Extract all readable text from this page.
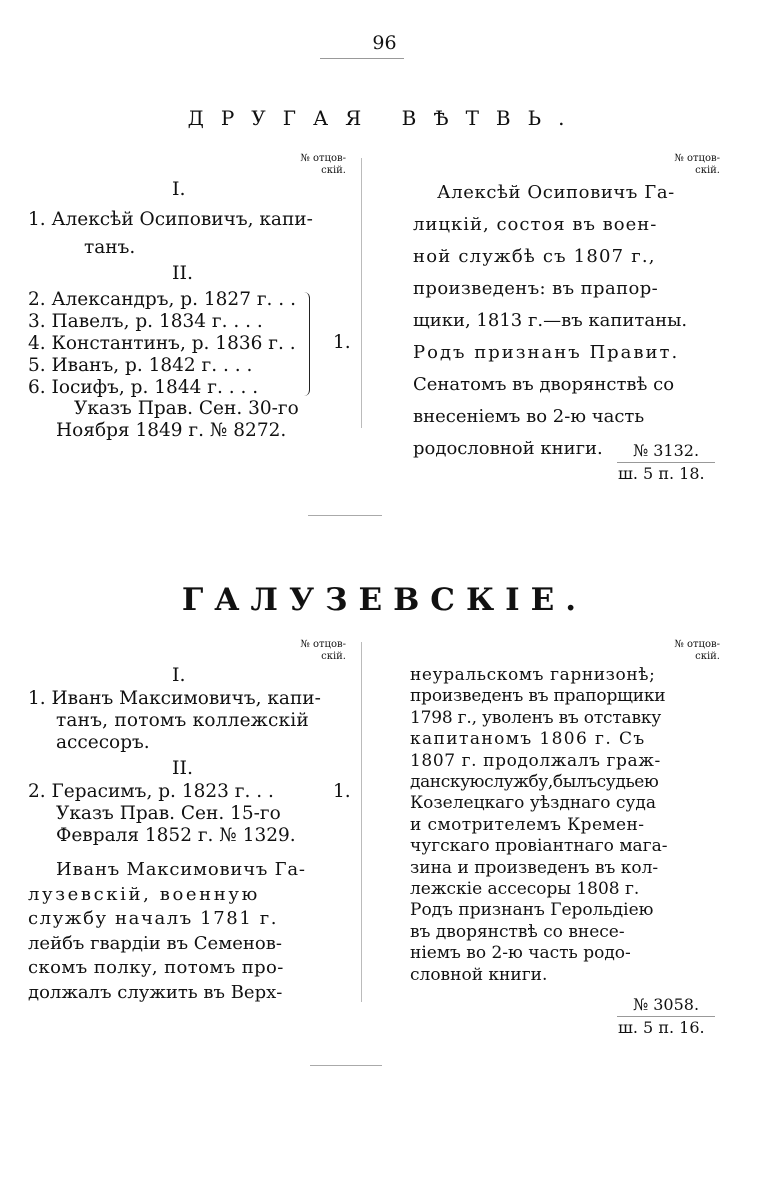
96
ДРУГАЯ ВѢТВЬ.
№ отцов-
скій.
№ отцов-
скій.
I.
1. Алексѣй Осиповичъ, капи-
танъ.
II.
2. Александръ, р. 1827 г. . .
3. Павелъ, р. 1834 г. . . .
4. Константинъ, р. 1836 г. .
5. Иванъ, р. 1842 г. . . .
6. Іосифъ, р. 1844 г. . . .
1.
Указъ Прав. Сен. 30-го
Ноября 1849 г. № 8272.
Алексѣй Осиповичъ Га-
лицкій, состоя въ воен-
ной службѣ съ 1807 г.,
произведенъ: въ прапор-
щики, 1813 г.—въ капитаны.
Родъ признанъ Правит.
Сенатомъ въ дворянствѣ со
внесеніемъ во 2-ю часть
родословной книги.	№ 3132.
ш. 5 п. 18.
ГАЛУЗЕВСКІЕ.
№ отцов-
скій.
№ отцов-
скій.
I.
1. Иванъ Максимовичъ, капи-
танъ, потомъ коллежскій
ассесоръ.
II.
2. Герасимъ, р. 1823 г. . .	1.
Указъ Прав. Сен. 15-го
Февраля 1852 г. № 1329.
Иванъ Максимовичъ Га-
лузевскій, военную
службу началъ 1781 г.
лейбъ гвардіи въ Семенов-
скомъ полку, потомъ про-
должалъ служить въ Верх-
неуральскомъ гарнизонѣ;
произведенъ въ прапорщики
1798 г., уволенъ въ отставку
капитаномъ 1806 г. Съ
1807 г. продолжалъ граж-
данскуюслужбу,былъсудьею
Козелецкаго уѣзднаго суда
и смотрителемъ Кремен-
чугскаго провіантнаго мага-
зина и произведенъ въ кол-
лежскіе ассесоры 1808 г.
Родъ признанъ Герольдіею
въ дворянствѣ со внесе-
ніемъ во 2-ю часть родо-
словной книги.
№ 3058.
ш. 5 п. 16.
